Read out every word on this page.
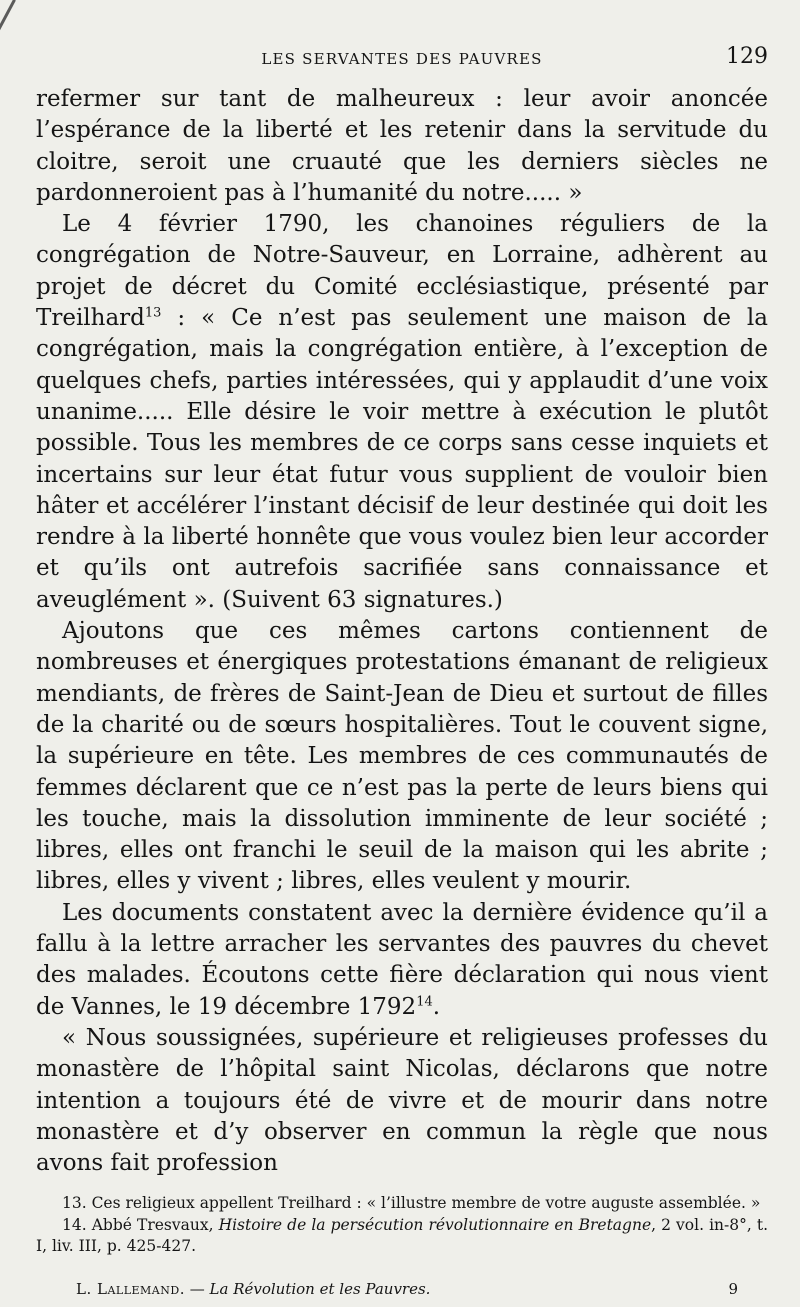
LES SERVANTES DES PAUVRES	129

refermer sur tant de malheureux : leur avoir anoncée l’espérance de la liberté et les retenir dans la servitude du cloitre, seroit une cruauté que les derniers siècles ne pardonneroient pas à l’humanité du notre..... »

Le 4 février 1790, les chanoines réguliers de la congrégation de Notre-Sauveur, en Lorraine, adhèrent au projet de décret du Comité ecclésiastique, présenté par Treilhard$^{13}$ : « Ce n’est pas seulement une maison de la congrégation, mais la congrégation entière, à l’exception de quelques chefs, parties intéressées, qui y applaudit d’une voix unanime..... Elle désire le voir mettre à exécution le plutôt possible. Tous les membres de ce corps sans cesse inquiets et incertains sur leur état futur vous supplient de vouloir bien hâter et accélérer l’instant décisif de leur destinée qui doit les rendre à la liberté honnête que vous voulez bien leur accorder et qu’ils ont autrefois sacrifiée sans connaissance et aveuglément ». (Suivent 63 signatures.)

Ajoutons que ces mêmes cartons contiennent de nombreuses et énergiques protestations émanant de religieux mendiants, de frères de Saint-Jean de Dieu et surtout de filles de la charité ou de sœurs hospitalières. Tout le couvent signe, la supérieure en tête. Les membres de ces communautés de femmes déclarent que ce n’est pas la perte de leurs biens qui les touche, mais la dissolution imminente de leur société ; libres, elles ont franchi le seuil de la maison qui les abrite ; libres, elles y vivent ; libres, elles veulent y mourir.

Les documents constatent avec la dernière évidence qu’il a fallu à la lettre arracher les servantes des pauvres du chevet des malades. Écoutons cette fière déclaration qui nous vient de Vannes, le 19 décembre 1792$^{14}$.

« Nous soussignées, supérieure et religieuses professes du monastère de l’hôpital saint Nicolas, déclarons que notre intention a toujours été de vivre et de mourir dans notre monastère et d’y observer en commun la règle que nous avons fait profession

13. Ces religieux appellent Treilhard : « l’illustre membre de votre auguste assemblée. »

14. Abbé Tresvaux, Histoire de la persécution révolutionnaire en Bretagne, 2 vol. in-8°, t. I, liv. III, p. 425-427.

L. Lallemand. — La Révolution et les Pauvres.	9
